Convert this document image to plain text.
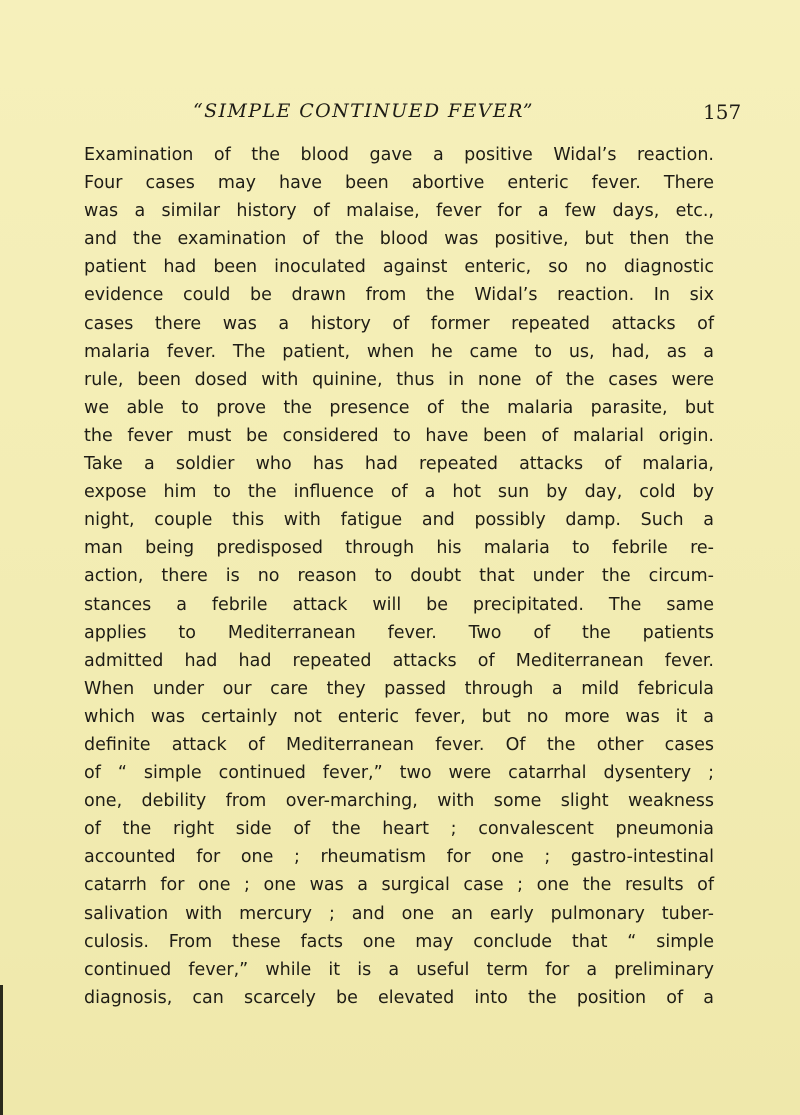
“SIMPLE CONTINUED FEVER”	157
Examination of the blood gave a positive Widal’s reaction.
Four cases may have been abortive enteric fever. There
was a similar history of malaise, fever for a few days, etc.,
and the examination of the blood was positive, but then the
patient had been inoculated against enteric, so no diagnostic
evidence could be drawn from the Widal’s reaction. In six
cases there was a history of former repeated attacks of
malaria fever. The patient, when he came to us, had, as a
rule, been dosed with quinine, thus in none of the cases were
we able to prove the presence of the malaria parasite, but
the fever must be considered to have been of malarial origin.
Take a soldier who has had repeated attacks of malaria,
expose him to the influence of a hot sun by day, cold by
night, couple this with fatigue and possibly damp. Such a
man being predisposed through his malaria to febrile re-
action, there is no reason to doubt that under the circum-
stances a febrile attack will be precipitated. The same
applies to Mediterranean fever. Two of the patients
admitted had had repeated attacks of Mediterranean fever.
When under our care they passed through a mild febricula
which was certainly not enteric fever, but no more was it a
definite attack of Mediterranean fever. Of the other cases
of “ simple continued fever,” two were catarrhal dysentery ;
one, debility from over-marching, with some slight weakness
of the right side of the heart ; convalescent pneumonia
accounted for one ; rheumatism for one ; gastro-intestinal
catarrh for one ; one was a surgical case ; one the results of
salivation with mercury ; and one an early pulmonary tuber-
culosis. From these facts one may conclude that “ simple
continued fever,” while it is a useful term for a preliminary
diagnosis, can scarcely be elevated into the position of a
